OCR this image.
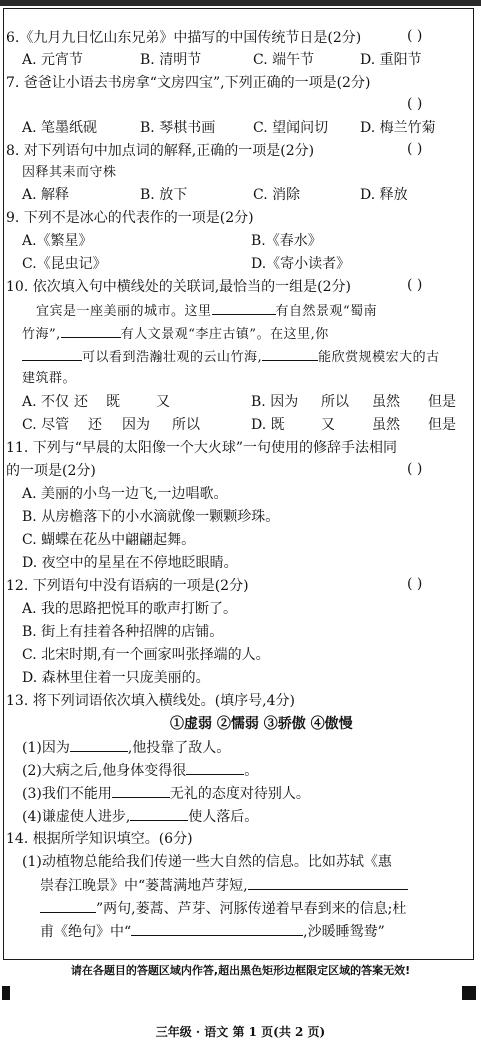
6.《九月九日忆山东兄弟》中描写的中国传统节日是(2分)	( )
A. 元宵节	B. 清明节	C. 端午节	D. 重阳节
7. 爸爸让小语去书房拿“文房四宝”,下列正确的一项是(2分)
( )
A. 笔墨纸砚	B. 琴棋书画	C. 望闻问切 D. 梅兰竹菊
8. 对下列语句中加点词的解释,正确的一项是(2分)	( )
因释其耒而守株
A. 解释	B. 放下	C. 消除	D. 释放
9. 下列不是冰心的代表作的一项是(2分)
A.《繁星》	B.《春水》
C.《昆虫记》	D.《寄小读者》
10. 依次填入句中横线处的关联词,最恰当的一组是(2分)	( )
宜宾是一座美丽的城市。这里	有自然景观“蜀南
竹海”,	有人文景观“李庄古镇”。在这里,你
可以看到浩瀚壮观的云山竹海,	能欣赏规模宏大的古
建筑群。
A. 不仅 还 既	又	B. 因为 所以 虽然 但是
C. 尽管 还 因为 所以	D. 既	又	虽然 但是
11. 下列与“早晨的太阳像一个大火球”一句使用的修辞手法相同
的一项是(2分)	( )
A. 美丽的小鸟一边飞,一边唱歌。
B. 从房檐落下的小水滴就像一颗颗珍珠。
C. 蝴蝶在花丛中翩翩起舞。
D. 夜空中的星星在不停地眨眼睛。
12. 下列语句中没有语病的一项是(2分)	( )
A. 我的思路把悦耳的歌声打断了。
B. 街上有挂着各种招牌的店铺。
C. 北宋时期,有一个画家叫张择端的人。
D. 森林里住着一只庞美丽的。
13. 将下列词语依次填入横线处。(填序号,4分)
①虚弱 ②懦弱 ③骄傲 ④傲慢
(1)因为	,他投靠了敌人。
(2)大病之后,他身体变得很	。
(3)我们不能用	无礼的态度对待别人。
(4)谦虚使人进步,	使人落后。
14. 根据所学知识填空。(6分)
(1)动植物总能给我们传递一些大自然的信息。比如苏轼《惠
崇春江晚景》中“蒌蒿满地芦芽短,
”两句,蒌蒿、芦芽、河豚传递着早春到来的信息;杜
甫《绝句》中“	,沙暖睡鸳鸯”
请在各题目的答题区域内作答,超出黑色矩形边框限定区域的答案无效!
三年级 · 语文 第 1 页(共 2 页)
